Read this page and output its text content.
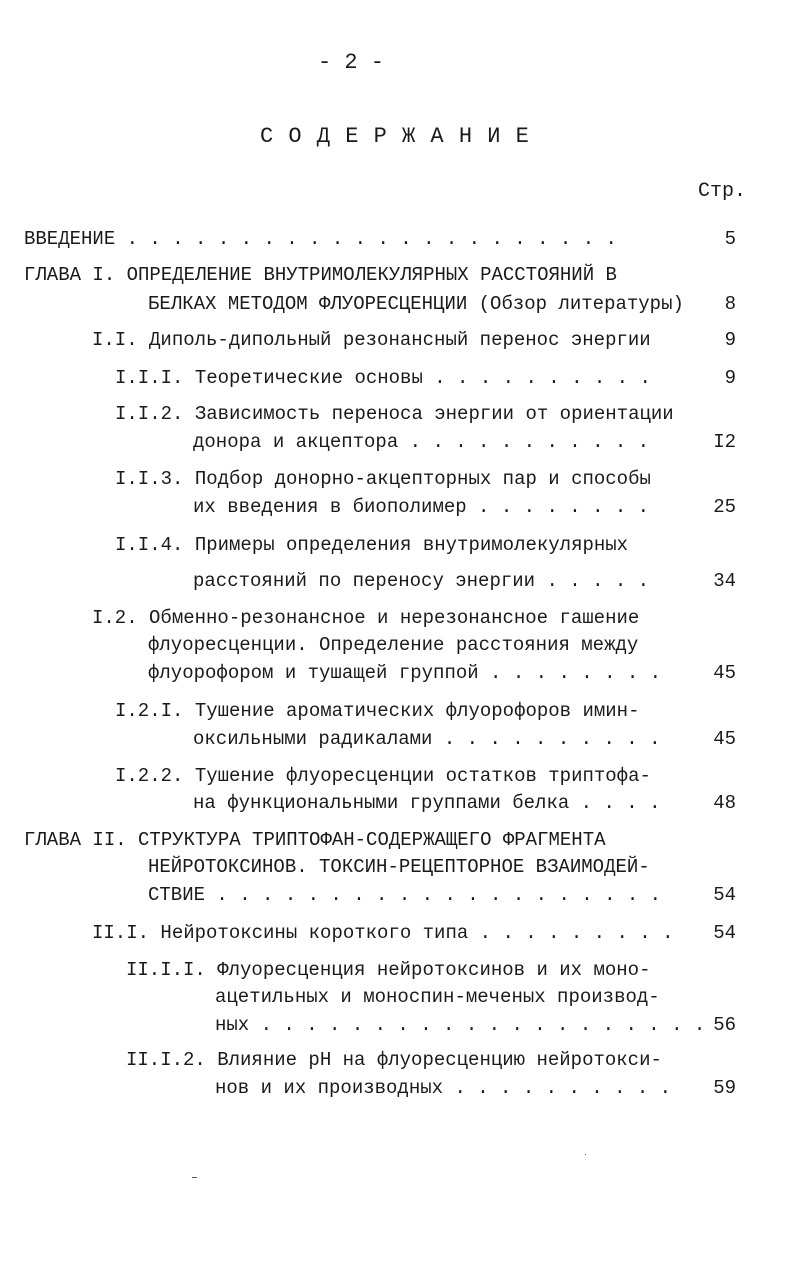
- 2 -
С О Д Е Р Ж А Н И Е
Стр.
ВВЕДЕНИЕ . . . . . . . . . . . . . . . . . . . . . .	5
ГЛАВА I. ОПРЕДЕЛЕНИЕ ВНУТРИМОЛЕКУЛЯРНЫХ РАССТОЯНИЙ В
БЕЛКАХ МЕТОДОМ ФЛУОРЕСЦЕНЦИИ (Обзор литературы)	8
I.I. Диполь-дипольный резонансный перенос энергии	9
I.I.I. Теоретические основы . . . . . . . . . .	9
I.I.2. Зависимость переноса энергии от ориентации
донора и акцептора . . . . . . . . . . .	I2
I.I.3. Подбор донорно-акцепторных пар и способы
их введения в биополимер . . . . . . . .	25
I.I.4. Примеры определения внутримолекулярных
расстояний по переносу энергии . . . . .	34
I.2. Обменно-резонансное и нерезонансное гашение
флуоресценции. Определение расстояния между
флуорофором и тушащей группой . . . . . . . .	45
I.2.I. Тушение ароматических флуорофоров имин-
оксильными радикалами . . . . . . . . . .	45
I.2.2. Тушение флуоресценции остатков триптофа-
на функциональными группами белка . . . .	48
ГЛАВА II. СТРУКТУРА ТРИПТОФАН-СОДЕРЖАЩЕГО ФРАГМЕНТА
НЕЙРОТОКСИНОВ. ТОКСИН-РЕЦЕПТОРНОЕ ВЗАИМОДЕЙ-
СТВИЕ . . . . . . . . . . . . . . . . . . . .	54
II.I. Нейротоксины короткого типа . . . . . . . . .	54
II.I.I. Флуоресценция нейротоксинов и их моно-
ацетильных и моноспин-меченых производ-
ных . . . . . . . . . . . . . . . . . . . . 56
II.I.2. Влияние рН на флуоресценцию нейротокси-
нов и их производных . . . . . . . . . .	59
